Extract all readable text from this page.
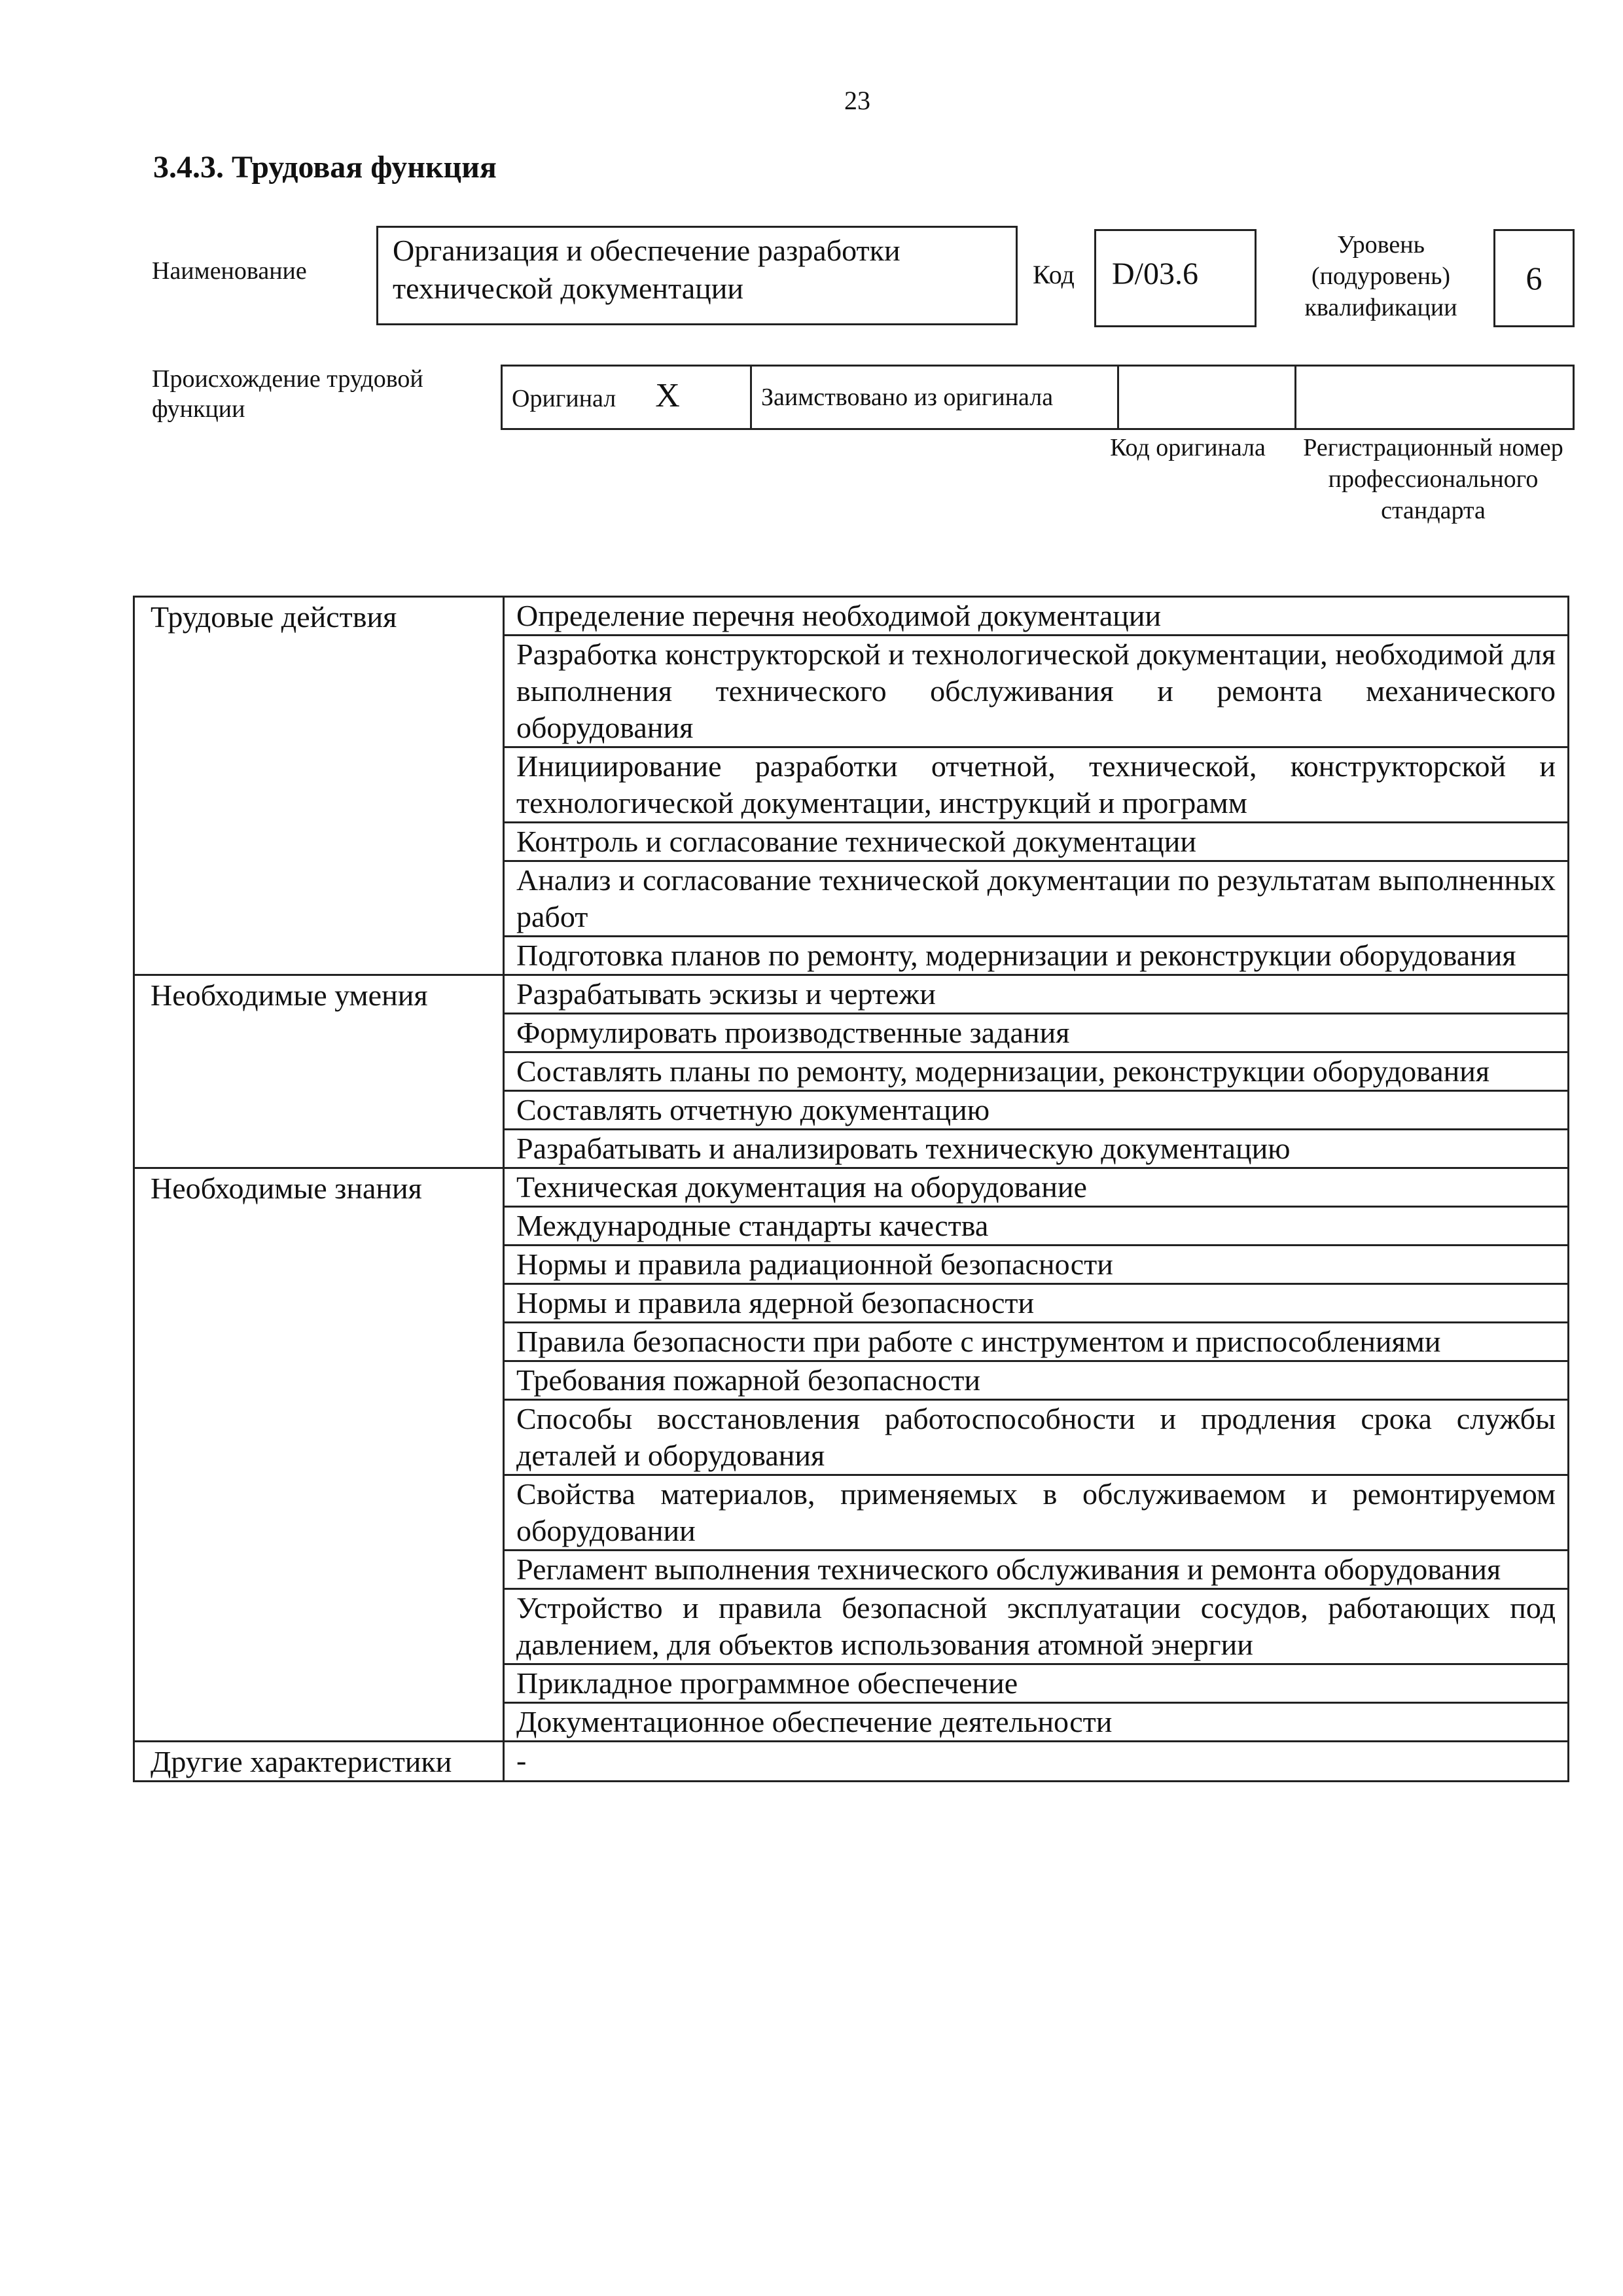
23
3.4.3. Трудовая функция
Наименование
Организация и обеспечение разработки технической документации	Код	D/03.6
Уровень (подуровень) квалификации
6
Происхождение трудовой функции	Оригинал X	Заимствовано из оригинала		
Код оригинала	Регистрационный номер профессионального стандарта
Трудовые действия	Определение перечня необходимой документации
	Разработка конструкторской и технологической документации, необходимой для выполнения технического обслуживания и ремонта механического оборудования
	Инициирование разработки отчетной, технической, конструкторской и технологической документации, инструкций и программ
	Контроль и согласование технической документации
	Анализ и согласование технической документации по результатам выполненных работ
	Подготовка планов по ремонту, модернизации и реконструкции оборудования
Необходимые умения	Разрабатывать эскизы и чертежи
	Формулировать производственные задания
	Составлять планы по ремонту, модернизации, реконструкции оборудования
	Составлять отчетную документацию
	Разрабатывать и анализировать техническую документацию
Необходимые знания	Техническая документация на оборудование
	Международные стандарты качества
	Нормы и правила радиационной безопасности
	Нормы и правила ядерной безопасности
	Правила безопасности при работе с инструментом и приспособлениями
	Требования пожарной безопасности
	Способы восстановления работоспособности и продления срока службы деталей и оборудования
	Свойства материалов, применяемых в обслуживаемом и ремонтируемом оборудовании
	Регламент выполнения технического обслуживания и ремонта оборудования
	Устройство и правила безопасной эксплуатации сосудов, работающих под давлением, для объектов использования атомной энергии
	Прикладное программное обеспечение
	Документационное обеспечение деятельности
Другие характеристики	-
